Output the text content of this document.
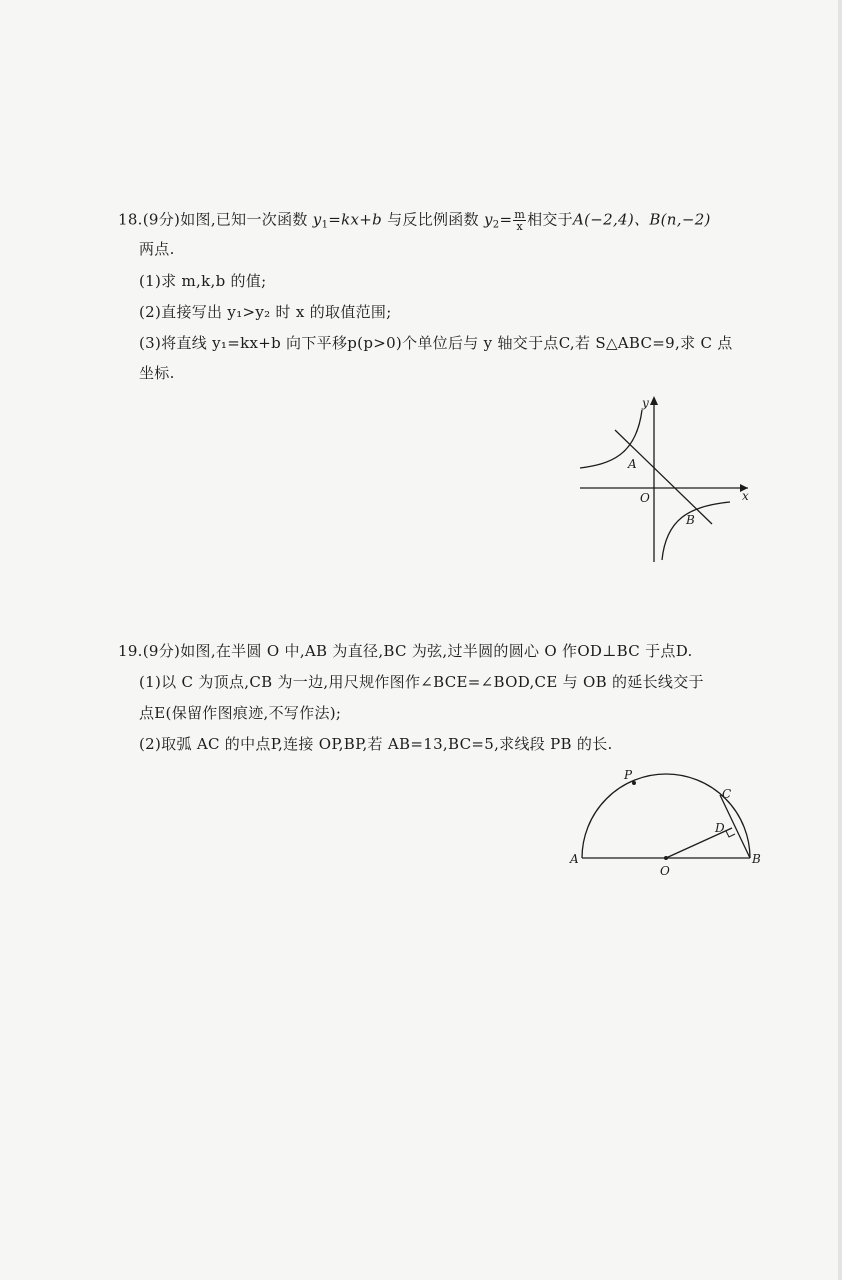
18.(9分)如图,已知一次函数 $y_1=kx+b$ 与反比例函数 $y_2= \frac{m}{x}$ 相交于A(−2,4)、B(n,−2)
两点.
(1)求 m,k,b 的值;
(2)直接写出 y₁>y₂ 时 x 的取值范围;
(3)将直线 y₁=kx+b 向下平移p(p>0)个单位后与 y 轴交于点C,若 S△ABC=9,求 C 点
坐标.
y
x
O
A
B
19.(9分)如图,在半圆 O 中,AB 为直径,BC 为弦,过半圆的圆心 O 作OD⊥BC 于点D.
(1)以 C 为顶点,CB 为一边,用尺规作图作∠BCE=∠BOD,CE 与 OB 的延长线交于
点E(保留作图痕迹,不写作法);
(2)取弧 AC 的中点P,连接 OP,BP,若 AB=13,BC=5,求线段 PB 的长.
P
C
D
A
O
B
